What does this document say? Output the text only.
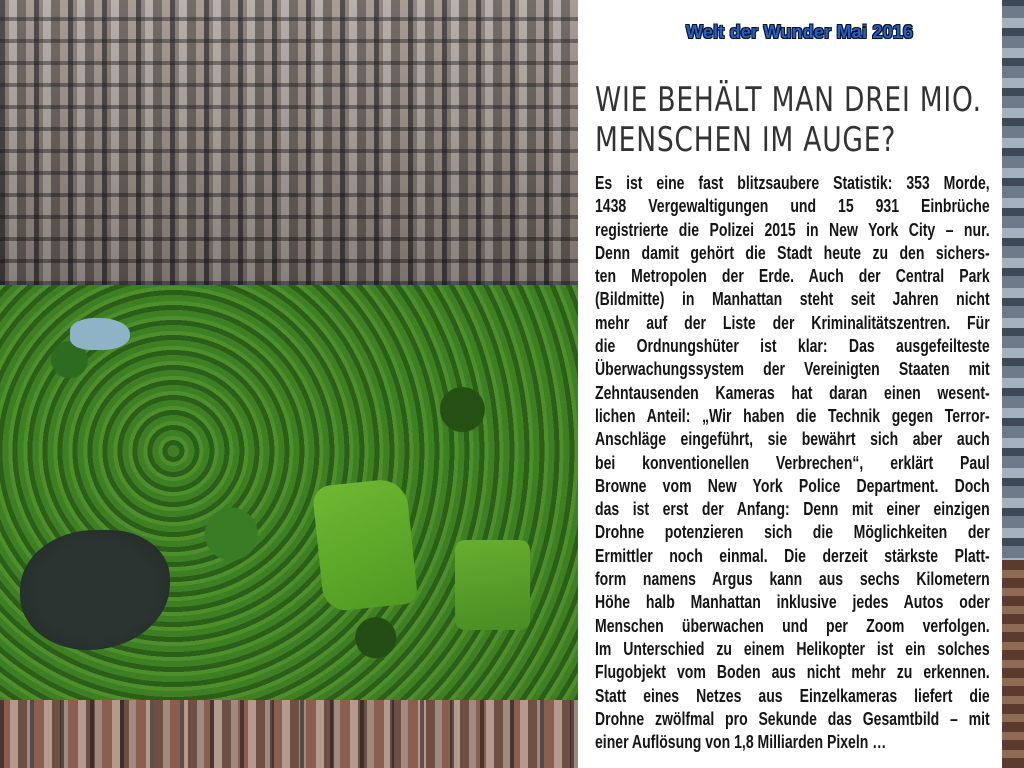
Welt der Wunder Mai 2016
WIE BEHÄLT MAN DREI MIO.
MENSCHEN IM AUGE?
Es ist eine fast blitzsaubere Statistik: 353 Morde,
1438 Vergewaltigungen und 15 931 Einbrüche
registrierte die Polizei 2015 in New York City – nur.
Denn damit gehört die Stadt heute zu den sichers-
ten Metropolen der Erde. Auch der Central Park
(Bildmitte) in Manhattan steht seit Jahren nicht
mehr auf der Liste der Kriminalitätszentren. Für
die Ordnungshüter ist klar: Das ausgefeilteste
Überwachungssystem der Vereinigten Staaten mit
Zehntausenden Kameras hat daran einen wesent-
lichen Anteil: „Wir haben die Technik gegen Terror-
Anschläge eingeführt, sie bewährt sich aber auch
bei konventionellen Verbrechen“, erklärt Paul
Browne vom New York Police Department. Doch
das ist erst der Anfang: Denn mit einer einzigen
Drohne potenzieren sich die Möglichkeiten der
Ermittler noch einmal. Die derzeit stärkste Platt-
form namens Argus kann aus sechs Kilometern
Höhe halb Manhattan inklusive jedes Autos oder
Menschen überwachen und per Zoom verfolgen.
Im Unterschied zu einem Helikopter ist ein solches
Flugobjekt vom Boden aus nicht mehr zu erkennen.
Statt eines Netzes aus Einzelkameras liefert die
Drohne zwölfmal pro Sekunde das Gesamtbild – mit
einer Auflösung von 1,8 Milliarden Pixeln …
